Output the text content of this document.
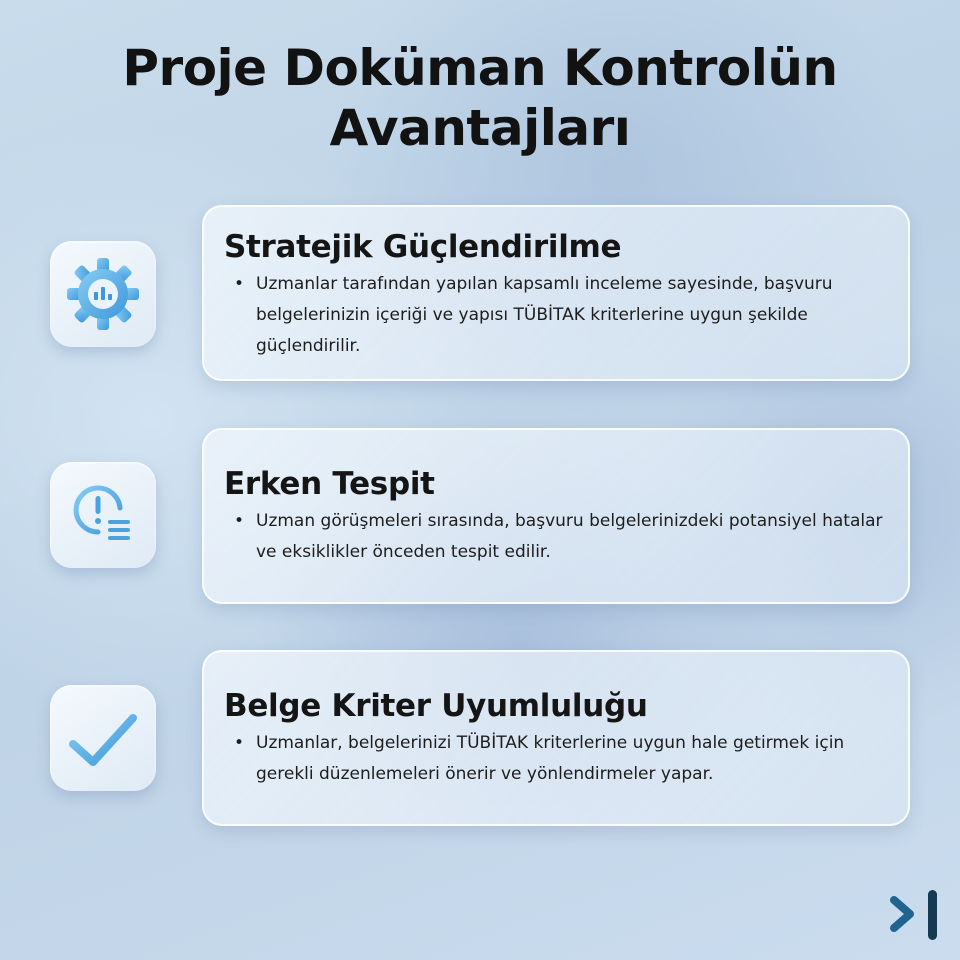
Proje Doküman Kontrolün
Avantajları
Stratejik Güçlendirilme
• Uzmanlar tarafından yapılan kapsamlı inceleme sayesinde, başvuru belgelerinizin içeriği ve yapısı TÜBİTAK kriterlerine uygun şekilde güçlendirilir.
Erken Tespit
• Uzman görüşmeleri sırasında, başvuru belgelerinizdeki potansiyel hatalar ve eksiklikler önceden tespit edilir.
Belge Kriter Uyumluluğu
• Uzmanlar, belgelerinizi TÜBİTAK kriterlerine uygun hale getirmek için gerekli düzenlemeleri önerir ve yönlendirmeler yapar.
